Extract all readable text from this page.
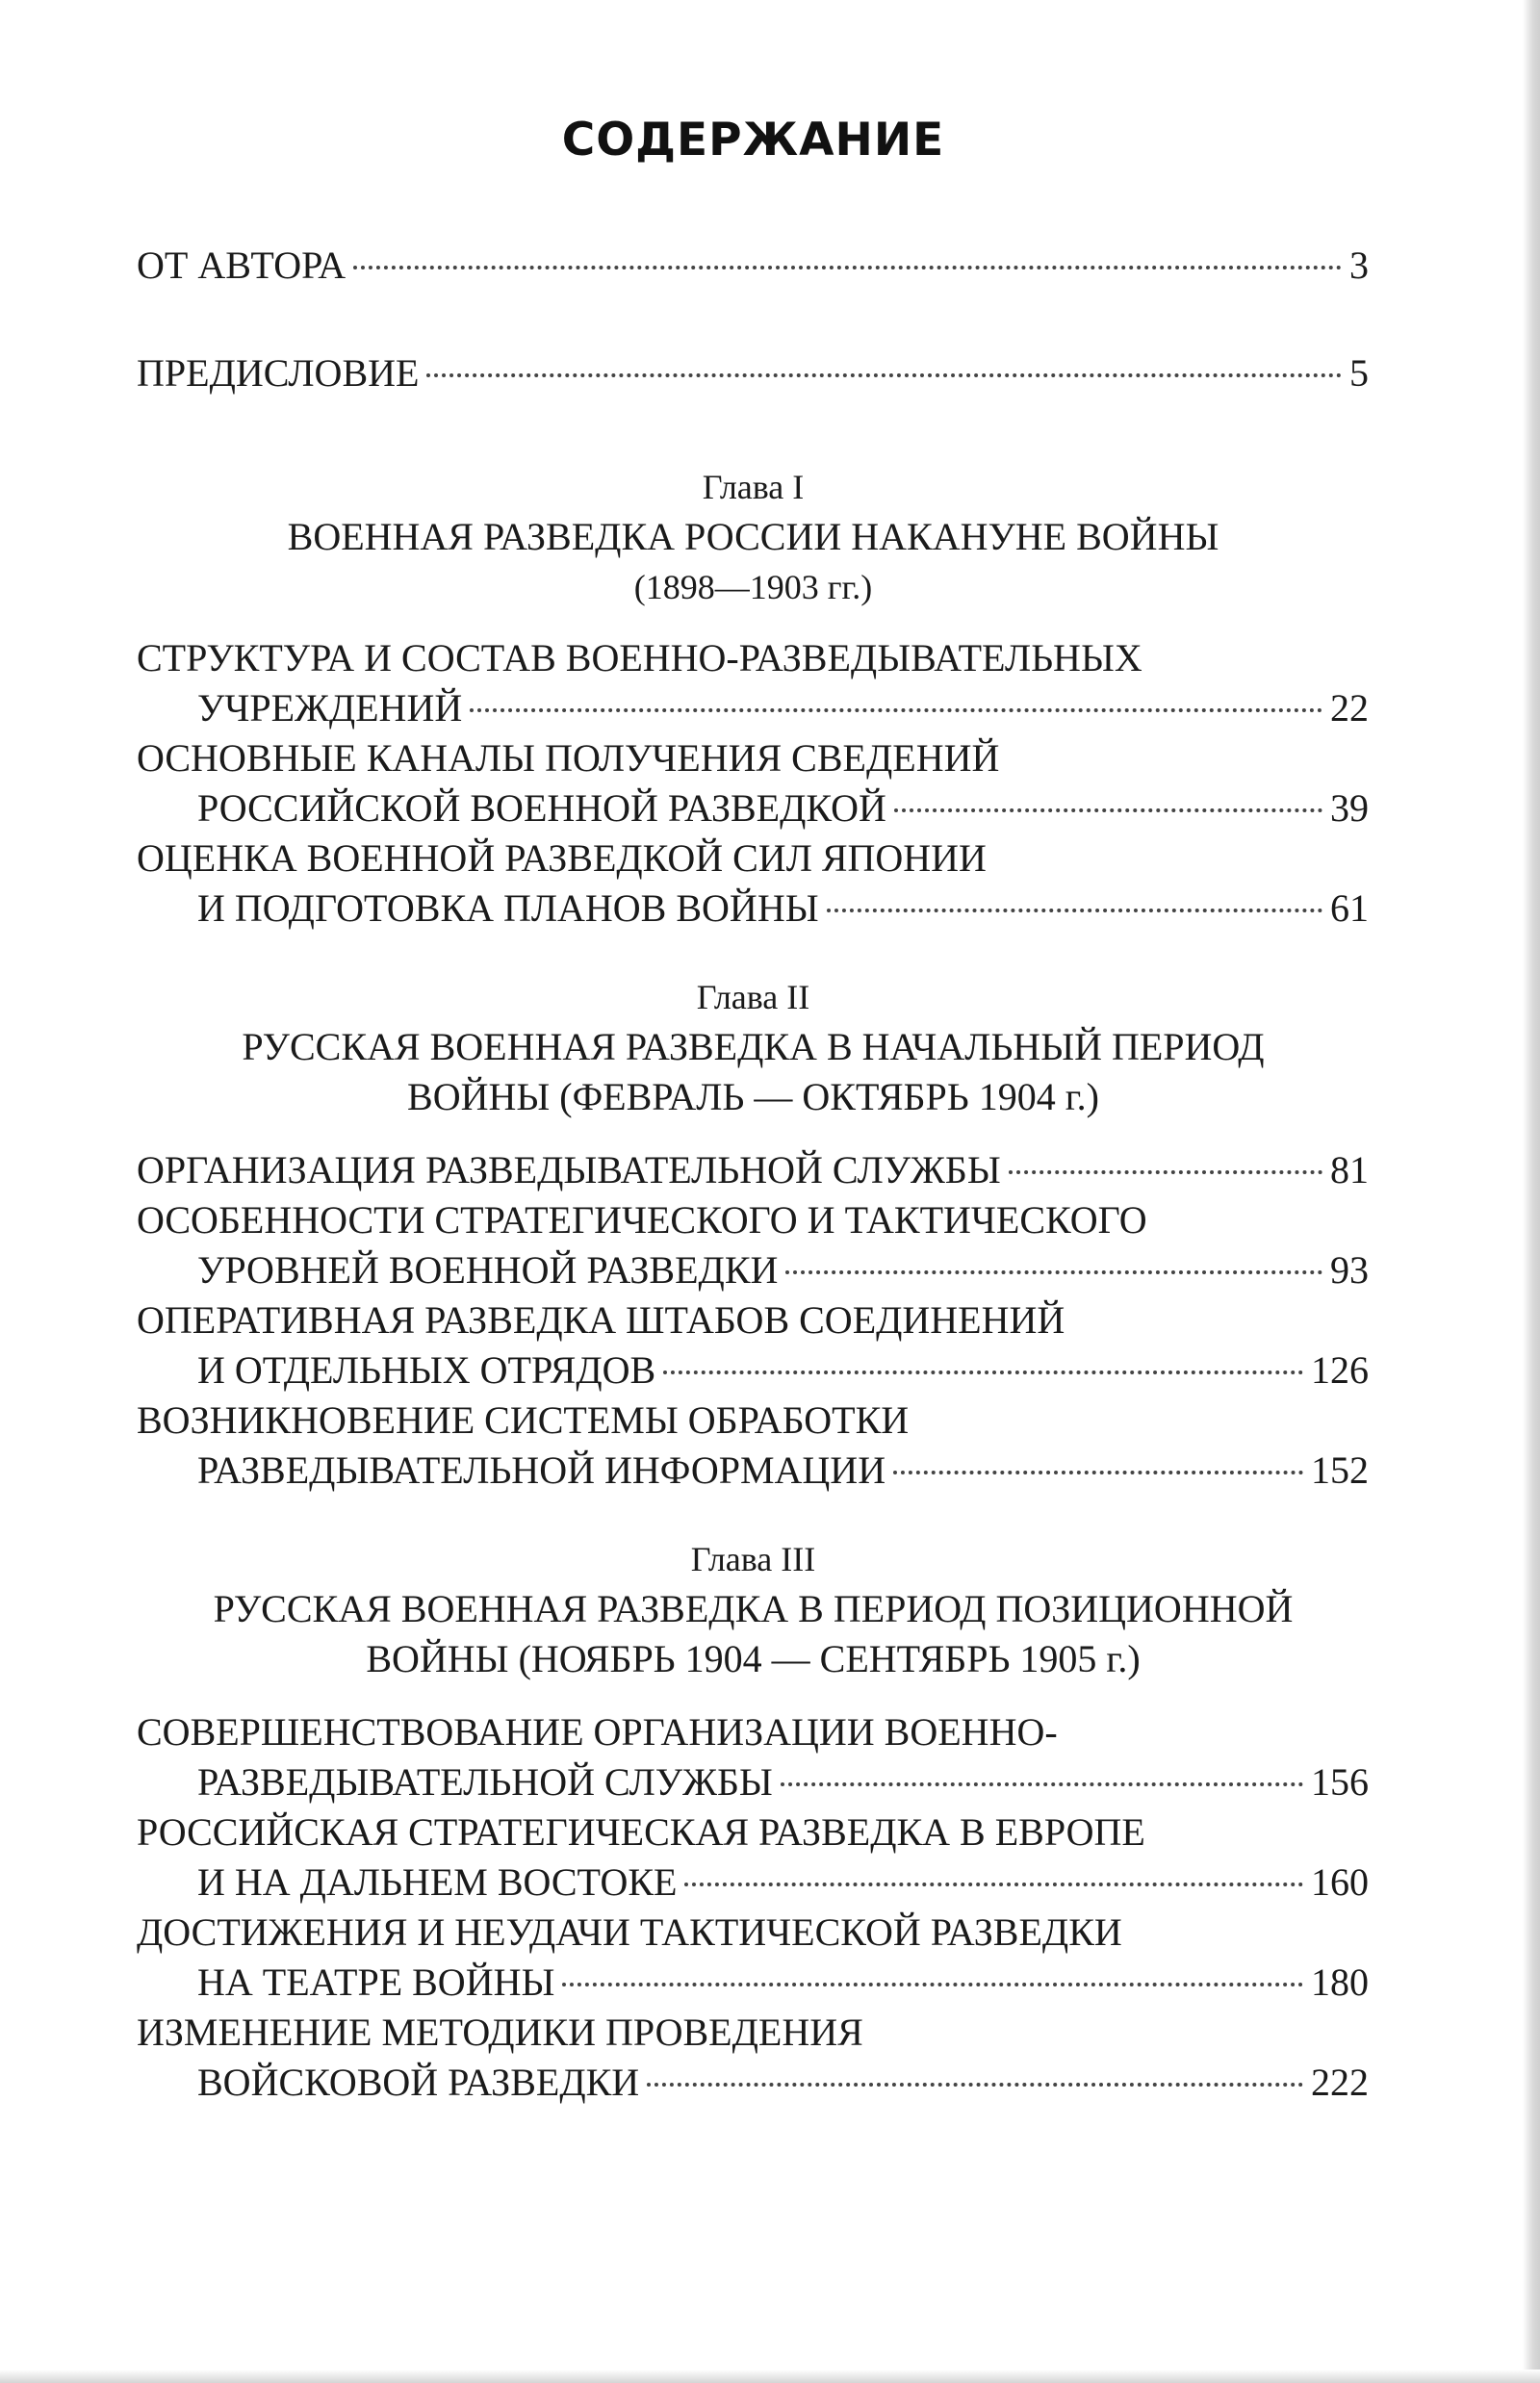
СОДЕРЖАНИЕ
ОТ АВТОРА	3
ПРЕДИСЛОВИЕ	5
Глава I
ВОЕННАЯ РАЗВЕДКА РОССИИ НАКАНУНЕ ВОЙНЫ
(1898—1903 гг.)
СТРУКТУРА И СОСТАВ ВОЕННО-РАЗВЕДЫВАТЕЛЬНЫХ
УЧРЕЖДЕНИЙ	22
ОСНОВНЫЕ КАНАЛЫ ПОЛУЧЕНИЯ СВЕДЕНИЙ
РОССИЙСКОЙ ВОЕННОЙ РАЗВЕДКОЙ	39
ОЦЕНКА ВОЕННОЙ РАЗВЕДКОЙ СИЛ ЯПОНИИ
И ПОДГОТОВКА ПЛАНОВ ВОЙНЫ	61
Глава II
РУССКАЯ ВОЕННАЯ РАЗВЕДКА В НАЧАЛЬНЫЙ ПЕРИОД
ВОЙНЫ (ФЕВРАЛЬ — ОКТЯБРЬ 1904 г.)
ОРГАНИЗАЦИЯ РАЗВЕДЫВАТЕЛЬНОЙ СЛУЖБЫ	81
ОСОБЕННОСТИ СТРАТЕГИЧЕСКОГО И ТАКТИЧЕСКОГО
УРОВНЕЙ ВОЕННОЙ РАЗВЕДКИ	93
ОПЕРАТИВНАЯ РАЗВЕДКА ШТАБОВ СОЕДИНЕНИЙ
И ОТДЕЛЬНЫХ ОТРЯДОВ	126
ВОЗНИКНОВЕНИЕ СИСТЕМЫ ОБРАБОТКИ
РАЗВЕДЫВАТЕЛЬНОЙ ИНФОРМАЦИИ	152
Глава III
РУССКАЯ ВОЕННАЯ РАЗВЕДКА В ПЕРИОД ПОЗИЦИОННОЙ
ВОЙНЫ (НОЯБРЬ 1904 — СЕНТЯБРЬ 1905 г.)
СОВЕРШЕНСТВОВАНИЕ ОРГАНИЗАЦИИ ВОЕННО-
РАЗВЕДЫВАТЕЛЬНОЙ СЛУЖБЫ	156
РОССИЙСКАЯ СТРАТЕГИЧЕСКАЯ РАЗВЕДКА В ЕВРОПЕ
И НА ДАЛЬНЕМ ВОСТОКЕ	160
ДОСТИЖЕНИЯ И НЕУДАЧИ ТАКТИЧЕСКОЙ РАЗВЕДКИ
НА ТЕАТРЕ ВОЙНЫ	180
ИЗМЕНЕНИЕ МЕТОДИКИ ПРОВЕДЕНИЯ
ВОЙСКОВОЙ РАЗВЕДКИ	222
